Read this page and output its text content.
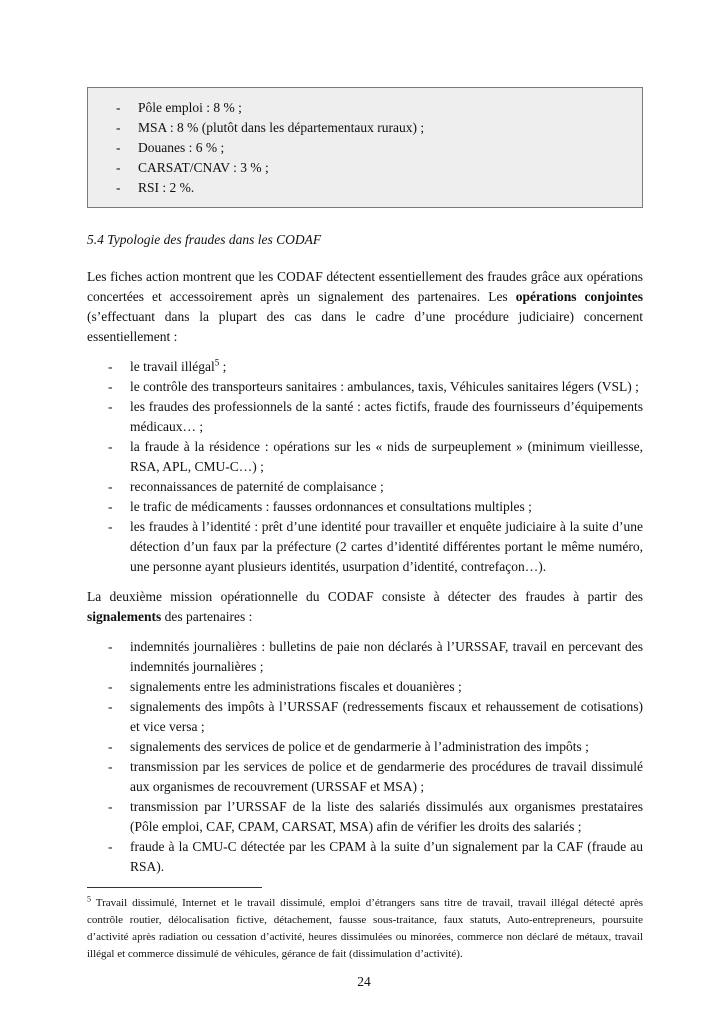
- Pôle emploi : 8 % ;
- MSA : 8 % (plutôt dans les départementaux ruraux) ;
- Douanes : 6 % ;
- CARSAT/CNAV : 3 % ;
- RSI : 2 %.
5.4 Typologie des fraudes dans les CODAF

Les fiches action montrent que les CODAF détectent essentiellement des fraudes grâce aux opérations concertées et accessoirement après un signalement des partenaires. Les opérations conjointes (s’effectuant dans la plupart des cas dans le cadre d’une procédure judiciaire) concernent essentiellement :

- le travail illégal$^5$ ;
- le contrôle des transporteurs sanitaires : ambulances, taxis, Véhicules sanitaires légers (VSL) ;
- les fraudes des professionnels de la santé : actes fictifs, fraude des fournisseurs d’équipements médicaux… ;
- la fraude à la résidence : opérations sur les « nids de surpeuplement » (minimum vieillesse, RSA, APL, CMU-C…) ;
- reconnaissances de paternité de complaisance ;
- le trafic de médicaments : fausses ordonnances et consultations multiples ;
- les fraudes à l’identité : prêt d’une identité pour travailler et enquête judiciaire à la suite d’une détection d’un faux par la préfecture (2 cartes d’identité différentes portant le même numéro, une personne ayant plusieurs identités, usurpation d’identité, contrefaçon…).

La deuxième mission opérationnelle du CODAF consiste à détecter des fraudes à partir des signalements des partenaires :

- indemnités journalières : bulletins de paie non déclarés à l’URSSAF, travail en percevant des indemnités journalières ;
- signalements entre les administrations fiscales et douanières ;
- signalements des impôts à l’URSSAF (redressements fiscaux et rehaussement de cotisations) et vice versa ;
- signalements des services de police et de gendarmerie à l’administration des impôts ;
- transmission par les services de police et de gendarmerie des procédures de travail dissimulé aux organismes de recouvrement (URSSAF et MSA) ;
- transmission par l’URSSAF de la liste des salariés dissimulés aux organismes prestataires (Pôle emploi, CAF, CPAM, CARSAT, MSA) afin de vérifier les droits des salariés ;
- fraude à la CMU-C détectée par les CPAM à la suite d’un signalement par la CAF (fraude au RSA).

$^5$ Travail dissimulé, Internet et le travail dissimulé, emploi d’étrangers sans titre de travail, travail illégal détecté après contrôle routier, délocalisation fictive, détachement, fausse sous-traitance, faux statuts, Auto-entrepreneurs, poursuite d’activité après radiation ou cessation d’activité, heures dissimulées ou minorées, commerce non déclaré de métaux, travail illégal et commerce dissimulé de véhicules, gérance de fait (dissimulation d’activité).

24
